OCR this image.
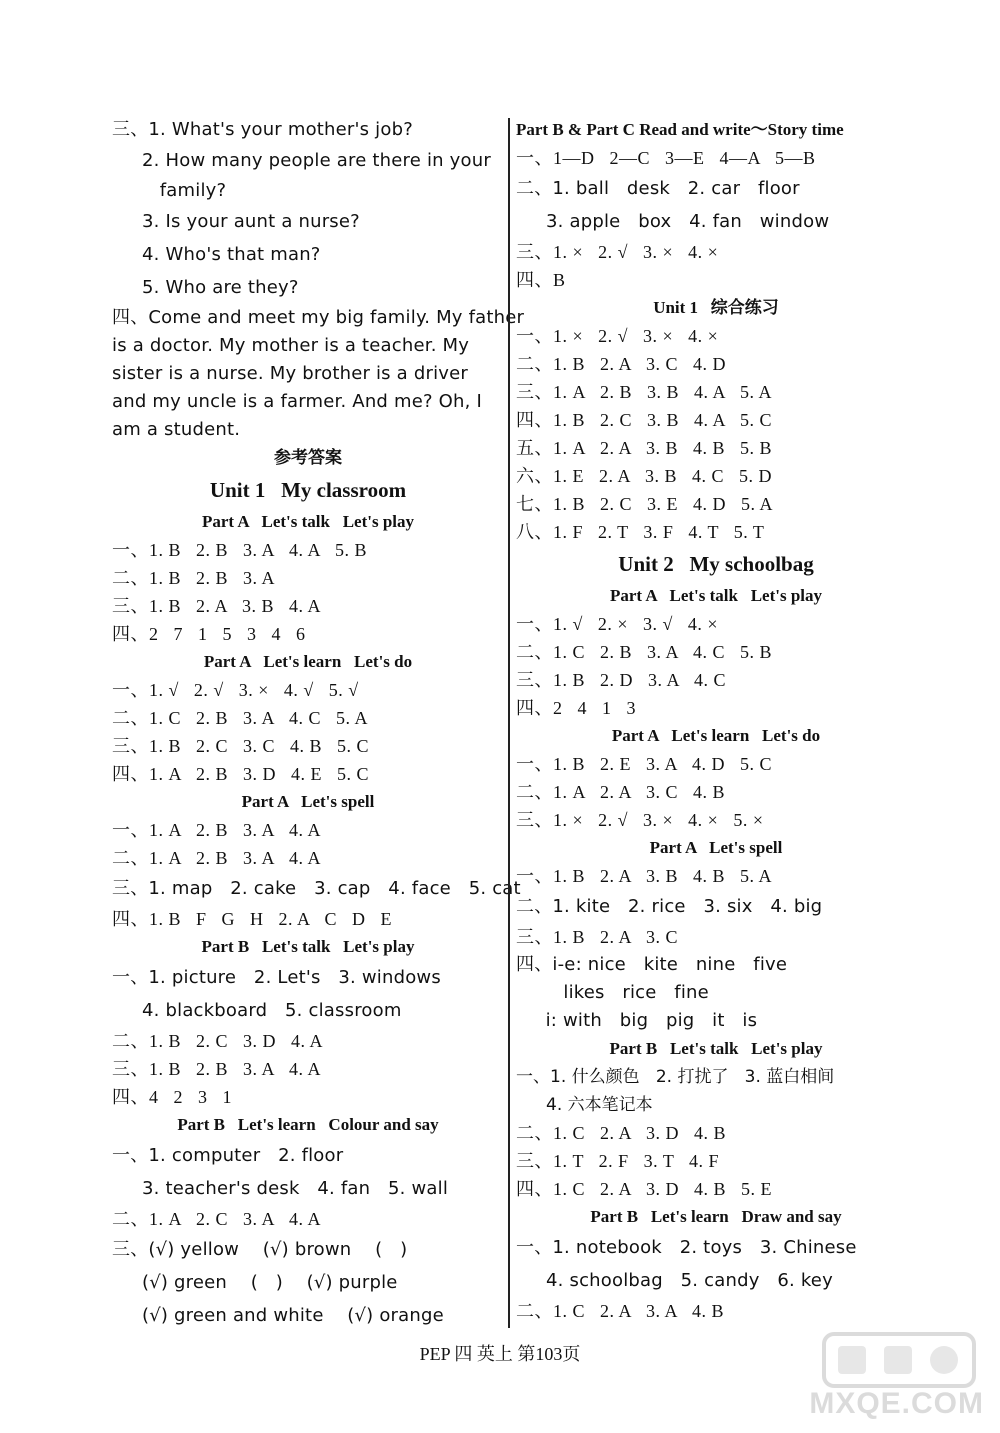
三、1. What's your mother's job?
2. How many people are there in your
family?
3. Is your aunt a nurse?
4. Who's that man?
5. Who are they?
四、Come and meet my big family. My father
is a doctor. My mother is a teacher. My
sister is a nurse. My brother is a driver
and my uncle is a farmer. And me? Oh, I
am a student.
参考答案
Unit 1   My classroom
Part A   Let's talk   Let's play
一、1. B   2. B   3. A   4. A   5. B
二、1. B   2. B   3. A
三、1. B   2. A   3. B   4. A
四、2   7   1   5   3   4   6
Part A   Let's learn   Let's do
一、1. √   2. √   3. ×   4. √   5. √
二、1. C   2. B   3. A   4. C   5. A
三、1. B   2. C   3. C   4. B   5. C
四、1. A   2. B   3. D   4. E   5. C
Part A   Let's spell
一、1. A   2. B   3. A   4. A
二、1. A   2. B   3. A   4. A
三、1. map   2. cake   3. cap   4. face   5. cat
四、1. B   F   G   H   2. A   C   D   E
Part B   Let's talk   Let's play
一、1. picture   2. Let's   3. windows
4. blackboard   5. classroom
二、1. B   2. C   3. D   4. A
三、1. B   2. B   3. A   4. A
四、4   2   3   1
Part B   Let's learn   Colour and say
一、1. computer   2. floor
3. teacher's desk   4. fan   5. wall
二、1. A   2. C   3. A   4. A
三、(√) yellow    (√) brown    (   )
(√) green    (   )    (√) purple
(√) green and white    (√) orange
Part B & Part C Read and write～Story time
一、1—D   2—C   3—E   4—A   5—B
二、1. ball   desk   2. car   floor
3. apple   box   4. fan   window
三、1. ×   2. √   3. ×   4. ×
四、B
Unit 1   综合练习
一、1. ×   2. √   3. ×   4. ×
二、1. B   2. A   3. C   4. D
三、1. A   2. B   3. B   4. A   5. A
四、1. B   2. C   3. B   4. A   5. C
五、1. A   2. A   3. B   4. B   5. B
六、1. E   2. A   3. B   4. C   5. D
七、1. B   2. C   3. E   4. D   5. A
八、1. F   2. T   3. F   4. T   5. T
Unit 2   My schoolbag
Part A   Let's talk   Let's play
一、1. √   2. ×   3. √   4. ×
二、1. C   2. B   3. A   4. C   5. B
三、1. B   2. D   3. A   4. C
四、2   4   1   3
Part A   Let's learn   Let's do
一、1. B   2. E   3. A   4. D   5. C
二、1. A   2. A   3. C   4. B
三、1. ×   2. √   3. ×   4. ×   5. ×
Part A   Let's spell
一、1. B   2. A   3. B   4. B   5. A
二、1. kite   2. rice   3. six   4. big
三、1. B   2. A   3. C
四、i-e: nice   kite   nine   five
likes   rice   fine
i: with   big   pig   it   is
Part B   Let's talk   Let's play
一、1. 什么颜色   2. 打扰了   3. 蓝白相间
4. 六本笔记本
二、1. C   2. A   3. D   4. B
三、1. T   2. F   3. T   4. F
四、1. C   2. A   3. D   4. B   5. E
Part B   Let's learn   Draw and say
一、1. notebook   2. toys   3. Chinese
4. schoolbag   5. candy   6. key
二、1. C   2. A   3. A   4. B
PEP 四 英上 第103页
MXQE.COM
